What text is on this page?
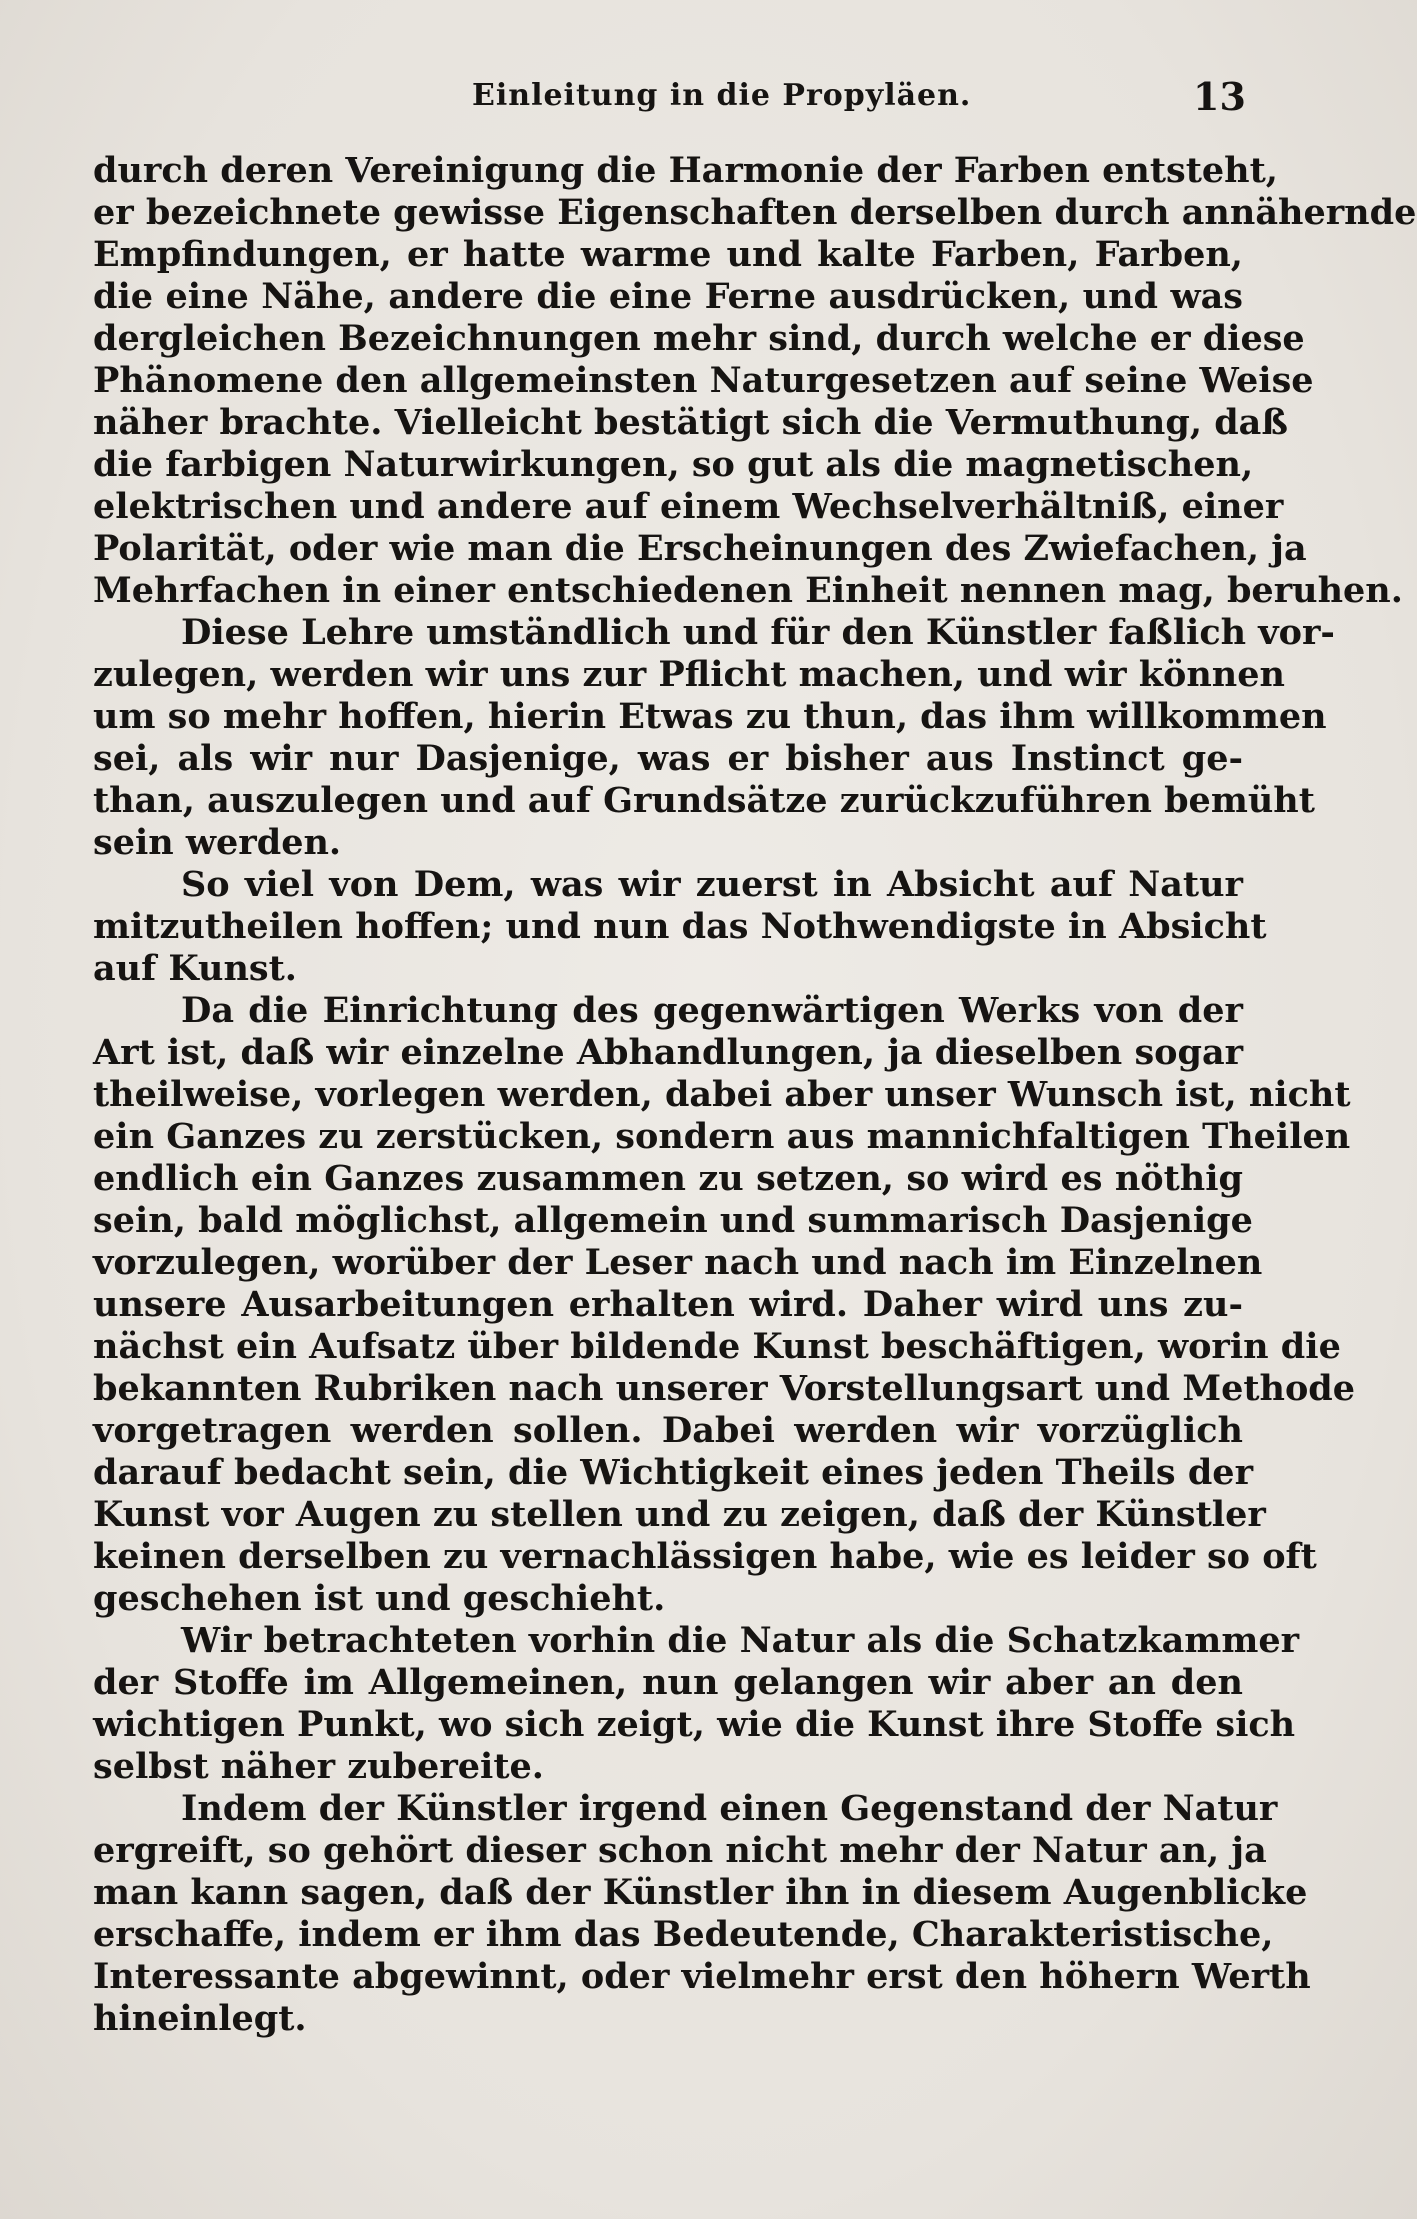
Einleitung in die Propyläen.	13
durch deren Vereinigung die Harmonie der Farben entsteht,
er bezeichnete gewisse Eigenschaften derselben durch annähernde
Empfindungen, er hatte warme und kalte Farben, Farben,
die eine Nähe, andere die eine Ferne ausdrücken, und was
dergleichen Bezeichnungen mehr sind, durch welche er diese
Phänomene den allgemeinsten Naturgesetzen auf seine Weise
näher brachte. Vielleicht bestätigt sich die Vermuthung, daß
die farbigen Naturwirkungen, so gut als die magnetischen,
elektrischen und andere auf einem Wechselverhältniß, einer
Polarität, oder wie man die Erscheinungen des Zwiefachen, ja
Mehrfachen in einer entschiedenen Einheit nennen mag, beruhen.
Diese Lehre umständlich und für den Künstler faßlich vor-
zulegen, werden wir uns zur Pflicht machen, und wir können
um so mehr hoffen, hierin Etwas zu thun, das ihm willkommen
sei, als wir nur Dasjenige, was er bisher aus Instinct ge-
than, auszulegen und auf Grundsätze zurückzuführen bemüht
sein werden.
So viel von Dem, was wir zuerst in Absicht auf Natur
mitzutheilen hoffen; und nun das Nothwendigste in Absicht
auf Kunst.
Da die Einrichtung des gegenwärtigen Werks von der
Art ist, daß wir einzelne Abhandlungen, ja dieselben sogar
theilweise, vorlegen werden, dabei aber unser Wunsch ist, nicht
ein Ganzes zu zerstücken, sondern aus mannichfaltigen Theilen
endlich ein Ganzes zusammen zu setzen, so wird es nöthig
sein, bald möglichst, allgemein und summarisch Dasjenige
vorzulegen, worüber der Leser nach und nach im Einzelnen
unsere Ausarbeitungen erhalten wird. Daher wird uns zu-
nächst ein Aufsatz über bildende Kunst beschäftigen, worin die
bekannten Rubriken nach unserer Vorstellungsart und Methode
vorgetragen werden sollen. Dabei werden wir vorzüglich
darauf bedacht sein, die Wichtigkeit eines jeden Theils der
Kunst vor Augen zu stellen und zu zeigen, daß der Künstler
keinen derselben zu vernachlässigen habe, wie es leider so oft
geschehen ist und geschieht.
Wir betrachteten vorhin die Natur als die Schatzkammer
der Stoffe im Allgemeinen, nun gelangen wir aber an den
wichtigen Punkt, wo sich zeigt, wie die Kunst ihre Stoffe sich
selbst näher zubereite.
Indem der Künstler irgend einen Gegenstand der Natur
ergreift, so gehört dieser schon nicht mehr der Natur an, ja
man kann sagen, daß der Künstler ihn in diesem Augenblicke
erschaffe, indem er ihm das Bedeutende, Charakteristische,
Interessante abgewinnt, oder vielmehr erst den höhern Werth
hineinlegt.
